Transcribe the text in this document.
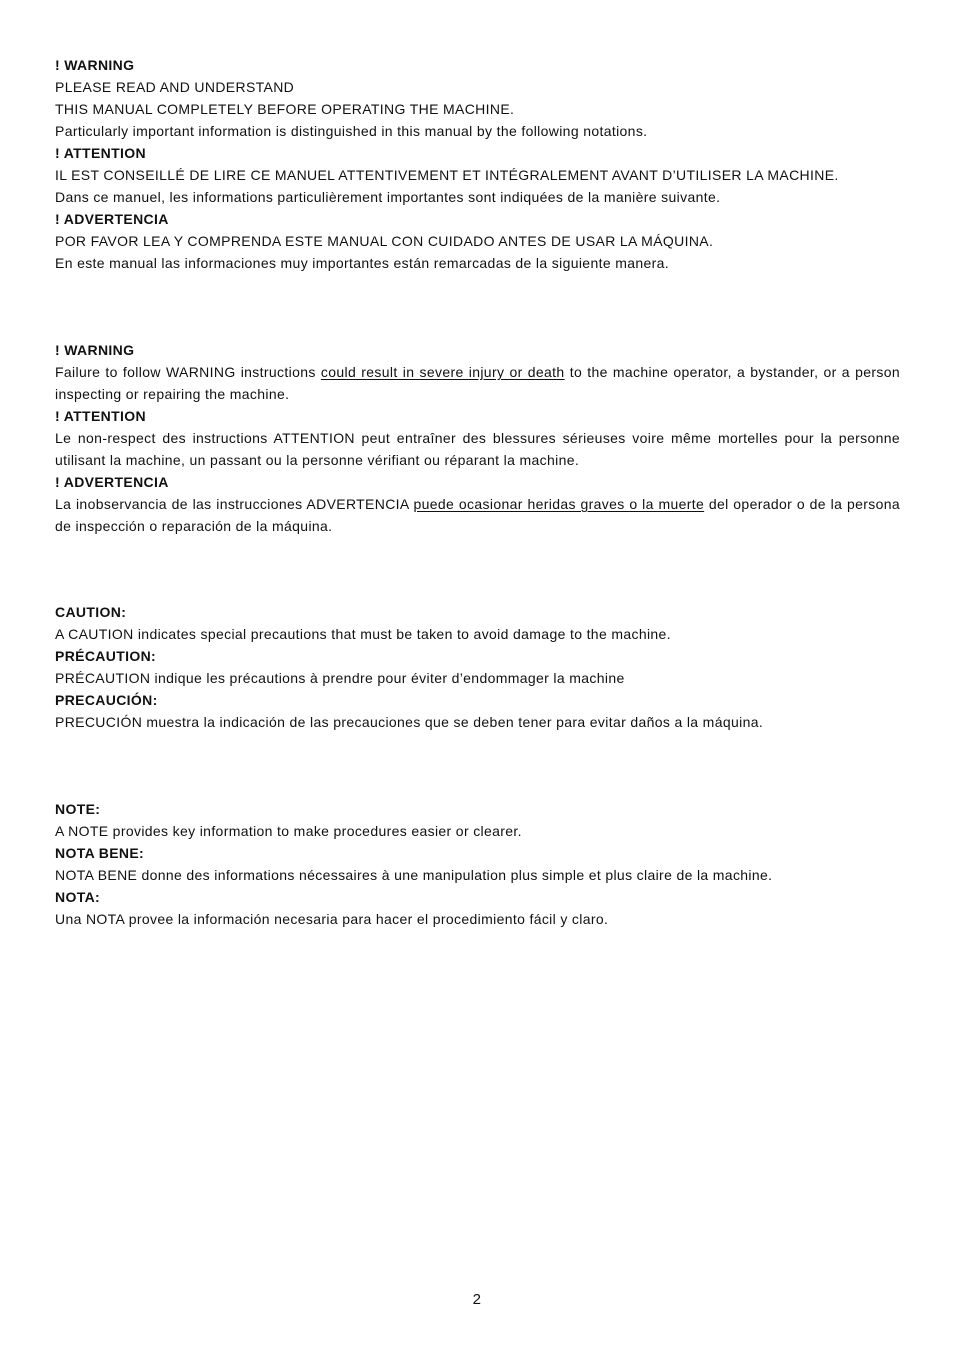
! WARNING
PLEASE READ AND UNDERSTAND
THIS MANUAL COMPLETELY BEFORE OPERATING THE MACHINE.
Particularly important information is distinguished in this manual by the following notations.
! ATTENTION
IL EST CONSEILLÉ DE LIRE CE MANUEL ATTENTIVEMENT ET INTÉGRALEMENT AVANT D’UTILISER LA MACHINE.
Dans ce manuel, les informations particulièrement importantes sont indiquées de la manière suivante.
! ADVERTENCIA
POR FAVOR LEA Y COMPRENDA ESTE MANUAL CON CUIDADO ANTES DE USAR LA MÁQUINA.
En este manual las informaciones muy importantes están remarcadas de la siguiente manera.
! WARNING
Failure to follow WARNING instructions could result in severe injury or death to the machine operator, a bystander, or a person inspecting or repairing the machine.
! ATTENTION
Le non-respect des instructions ATTENTION peut entraîner des blessures sérieuses voire même mortelles pour la personne utilisant la machine, un passant ou la personne vérifiant ou réparant la machine.
! ADVERTENCIA
La inobservancia de las instrucciones ADVERTENCIA puede ocasionar heridas graves o la muerte del operador o de la persona de inspección o reparación de la máquina.
CAUTION:
A CAUTION indicates special precautions that must be taken to avoid damage to the machine.
PRÉCAUTION:
PRÉCAUTION indique les précautions à prendre pour éviter d’endommager la machine
PRECAUCIÓN:
PRECUCIÓN muestra la indicación de las precauciones que se deben tener para evitar daños a la máquina.
NOTE:
A NOTE provides key information to make procedures easier or clearer.
NOTA BENE:
NOTA BENE donne des informations nécessaires à une manipulation plus simple et plus claire de la machine.
NOTA:
Una NOTA provee la información necesaria para hacer el procedimiento fácil y claro.
2
